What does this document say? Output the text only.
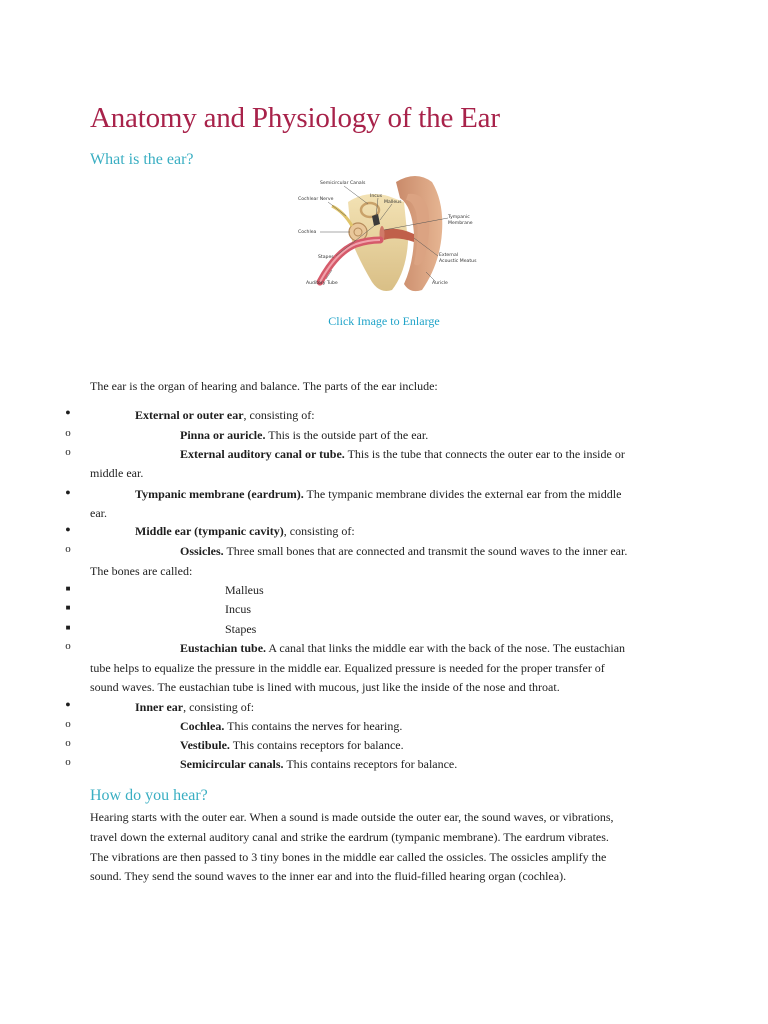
Anatomy and Physiology of the Ear
What is the ear?
Semicircular Canals
Incus
Malleus
Cochlear Nerve
Cochlea
Stapes
Auditory Tube
Tympanic
Membrane
External
Acoustic Meatus
Auricle
Click Image to Enlarge
The ear is the organ of hearing and balance. The parts of the ear include:
●	External or outer ear, consisting of:
o	Pinna or auricle. This is the outside part of the ear.
o	External auditory canal or tube. This is the tube that connects the outer ear to the inside or
middle ear.
●	Tympanic membrane (eardrum). The tympanic membrane divides the external ear from the middle
ear.
●	Middle ear (tympanic cavity), consisting of:
o	Ossicles. Three small bones that are connected and transmit the sound waves to the inner ear.
The bones are called:
■	Malleus
■	Incus
■	Stapes
o	Eustachian tube. A canal that links the middle ear with the back of the nose. The eustachian
tube helps to equalize the pressure in the middle ear. Equalized pressure is needed for the proper transfer of
sound waves. The eustachian tube is lined with mucous, just like the inside of the nose and throat.
●	Inner ear, consisting of:
o	Cochlea. This contains the nerves for hearing.
o	Vestibule. This contains receptors for balance.
o	Semicircular canals. This contains receptors for balance.
How do you hear?
Hearing starts with the outer ear. When a sound is made outside the outer ear, the sound waves, or vibrations,
travel down the external auditory canal and strike the eardrum (tympanic membrane). The eardrum vibrates.
The vibrations are then passed to 3 tiny bones in the middle ear called the ossicles. The ossicles amplify the
sound. They send the sound waves to the inner ear and into the fluid-filled hearing organ (cochlea).
